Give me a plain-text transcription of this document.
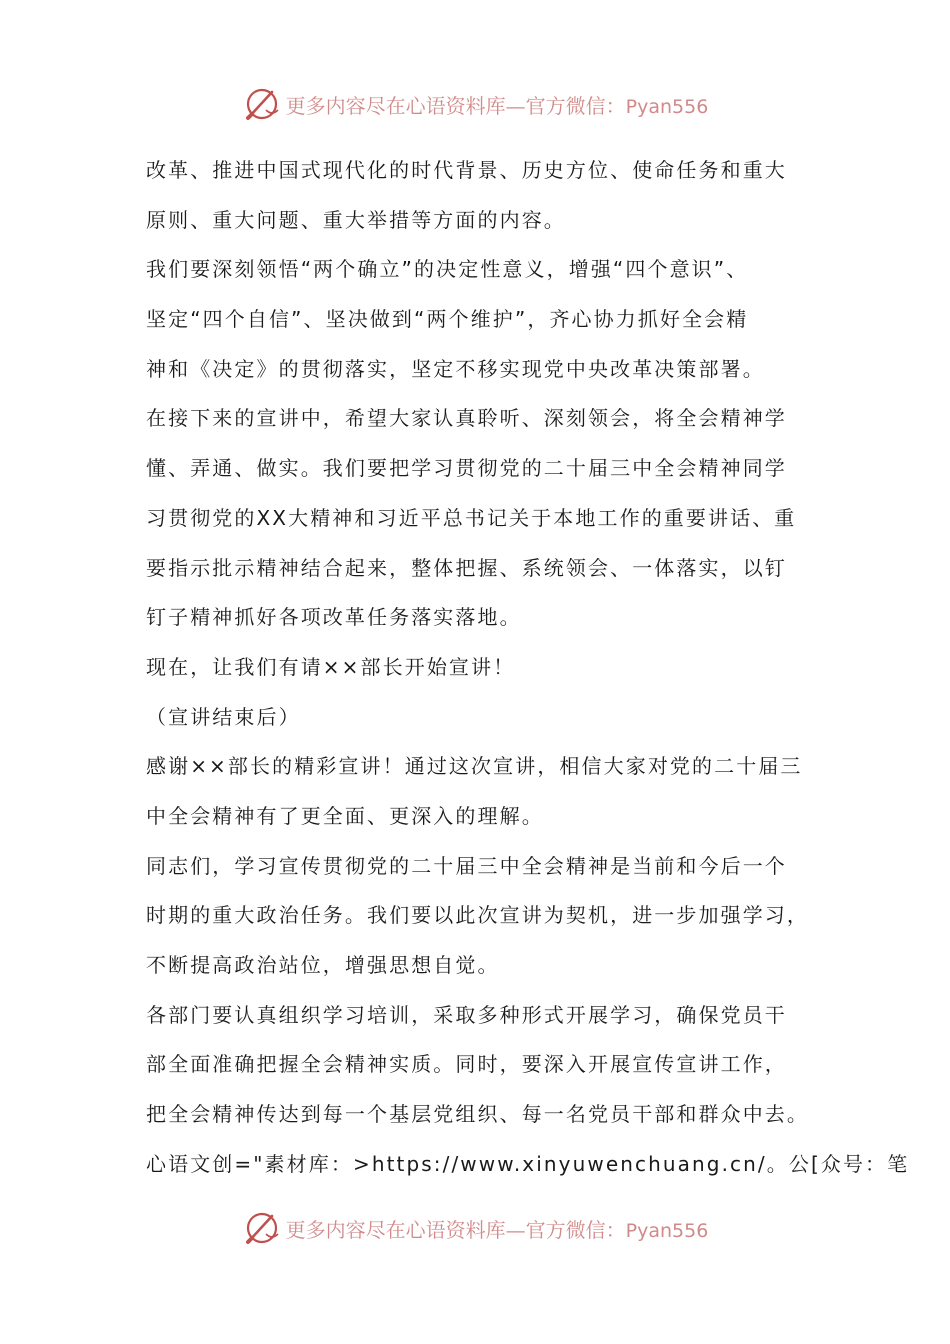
更多内容尽在心语资料库—官方微信：Pyan556
改革、推进中国式现代化的时代背景、历史方位、使命任务和重大
原则、重大问题、重大举措等方面的内容。
我们要深刻领悟“两个确立”的决定性意义，增强“四个意识”、
坚定“四个自信”、坚决做到“两个维护”，齐心协力抓好全会精
神和《决定》的贯彻落实，坚定不移实现党中央改革决策部署。
在接下来的宣讲中，希望大家认真聆听、深刻领会，将全会精神学
懂、弄通、做实。我们要把学习贯彻党的二十届三中全会精神同学
习贯彻党的XX大精神和习近平总书记关于本地工作的重要讲话、重
要指示批示精神结合起来，整体把握、系统领会、一体落实，以钉
钉子精神抓好各项改革任务落实落地。
现在，让我们有请××部长开始宣讲！
（宣讲结束后）
感谢××部长的精彩宣讲！通过这次宣讲，相信大家对党的二十届三
中全会精神有了更全面、更深入的理解。
同志们，学习宣传贯彻党的二十届三中全会精神是当前和今后一个
时期的重大政治任务。我们要以此次宣讲为契机，进一步加强学习，
不断提高政治站位，增强思想自觉。
各部门要认真组织学习培训，采取多种形式开展学习，确保党员干
部全面准确把握全会精神实质。同时，要深入开展宣传宣讲工作，
把全会精神传达到每一个基层党组织、每一名党员干部和群众中去。
心语文创="素材库：>https://www.xinyuwenchuang.cn/。公[众号：笔
更多内容尽在心语资料库—官方微信：Pyan556
